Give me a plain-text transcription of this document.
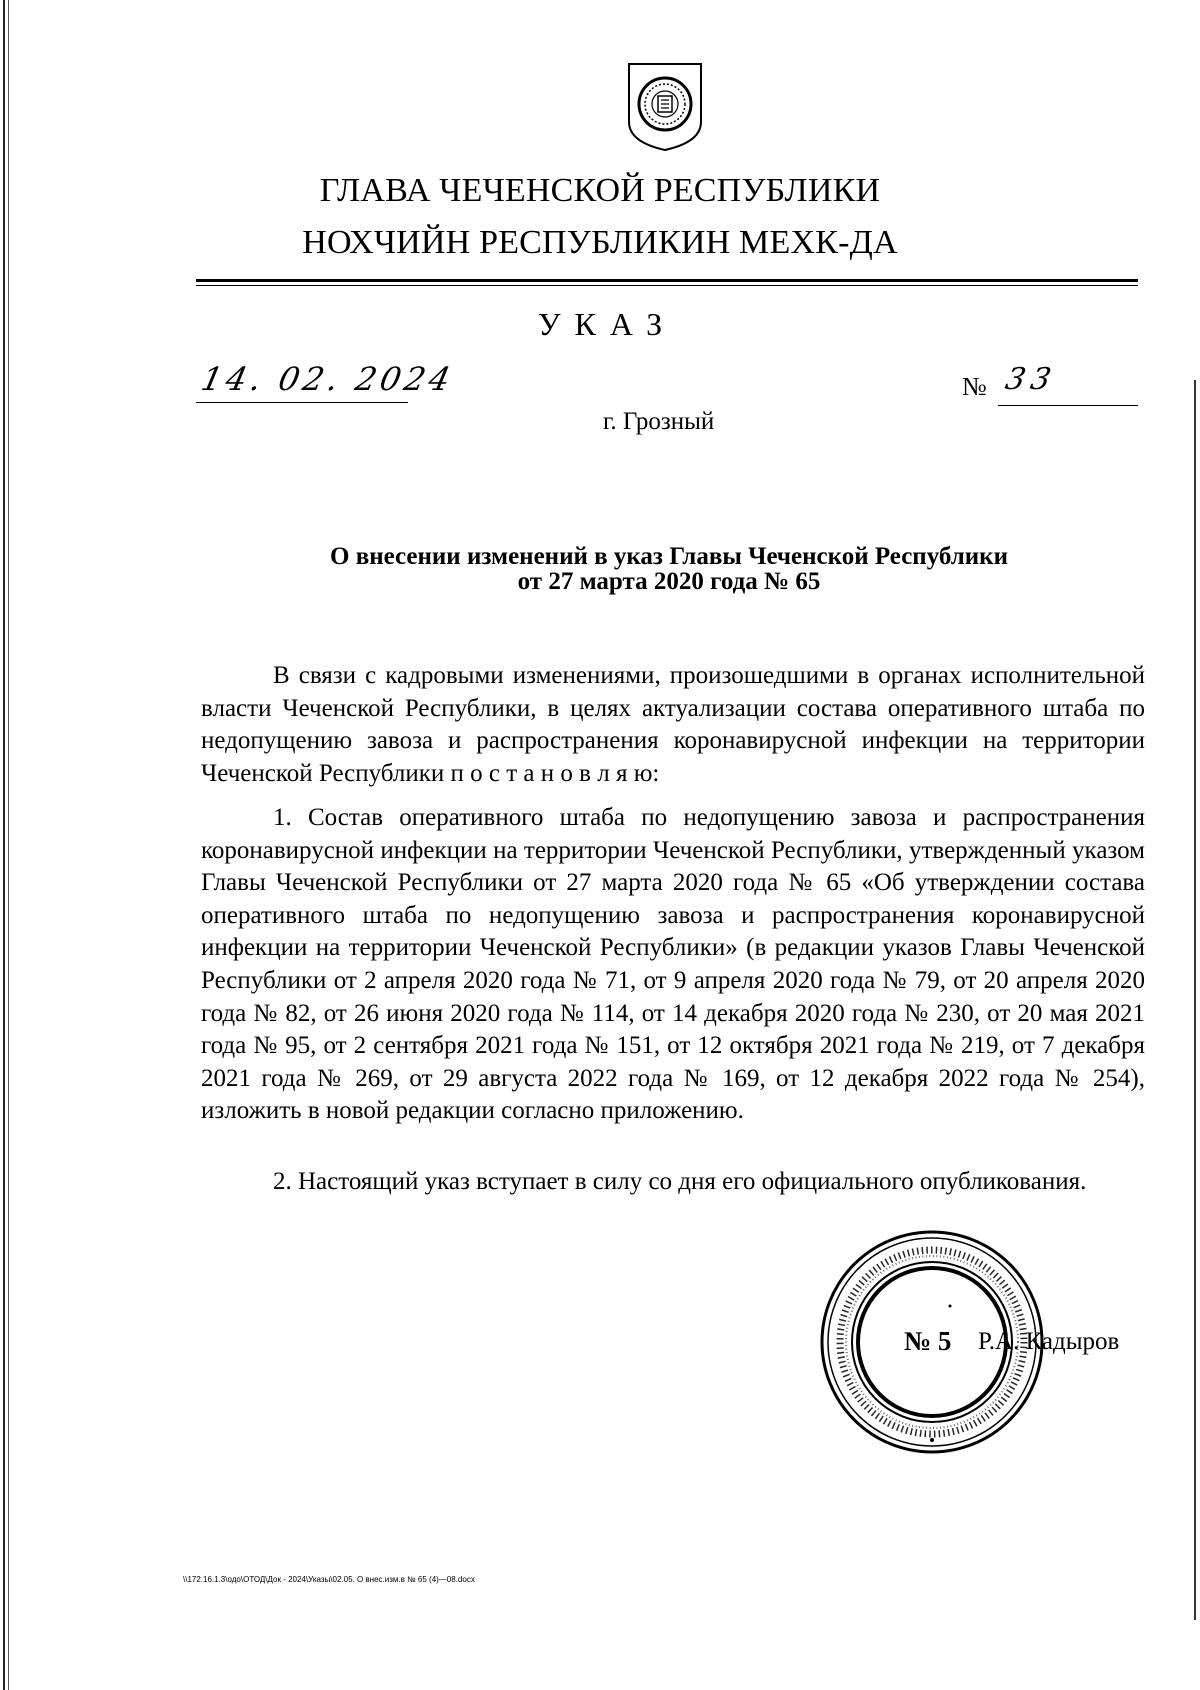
ГЛАВА ЧЕЧЕНСКОЙ РЕСПУБЛИКИ
НОХЧИЙН РЕСПУБЛИКИН МЕХК-ДА
УКАЗ
14. 02. 2024	№ 33
г. Грозный
О внесении изменений в указ Главы Чеченской Республики
от 27 марта 2020 года № 65
В связи с кадровыми изменениями, произошедшими в органах исполнительной власти Чеченской Республики, в целях актуализации состава оперативного штаба по недопущению завоза и распространения коронавирусной инфекции на территории Чеченской Республики п о с т а н о в л я ю:
1. Состав оперативного штаба по недопущению завоза и распространения коронавирусной инфекции на территории Чеченской Республики, утвержденный указом Главы Чеченской Республики от 27 марта 2020 года № 65 «Об утверждении состава оперативного штаба по недопущению завоза и распространения коронавирусной инфекции на территории Чеченской Республики» (в редакции указов Главы Чеченской Республики от 2 апреля 2020 года № 71, от 9 апреля 2020 года № 79, от 20 апреля 2020 года № 82, от 26 июня 2020 года № 114, от 14 декабря 2020 года № 230, от 20 мая 2021 года № 95, от 2 сентября 2021 года № 151, от 12 октября 2021 года № 219, от 7 декабря 2021 года № 269, от 29 августа 2022 года № 169, от 12 декабря 2022 года № 254), изложить в новой редакции согласно приложению.
2. Настоящий указ вступает в силу со дня его официального опубликования.
№ 5 Р.А. Кадыров
\\172.16.1.3\одо\ОТОД\Док - 2024\Указы\02.05. О внес.изм.в № 65 (4)—08.docx
